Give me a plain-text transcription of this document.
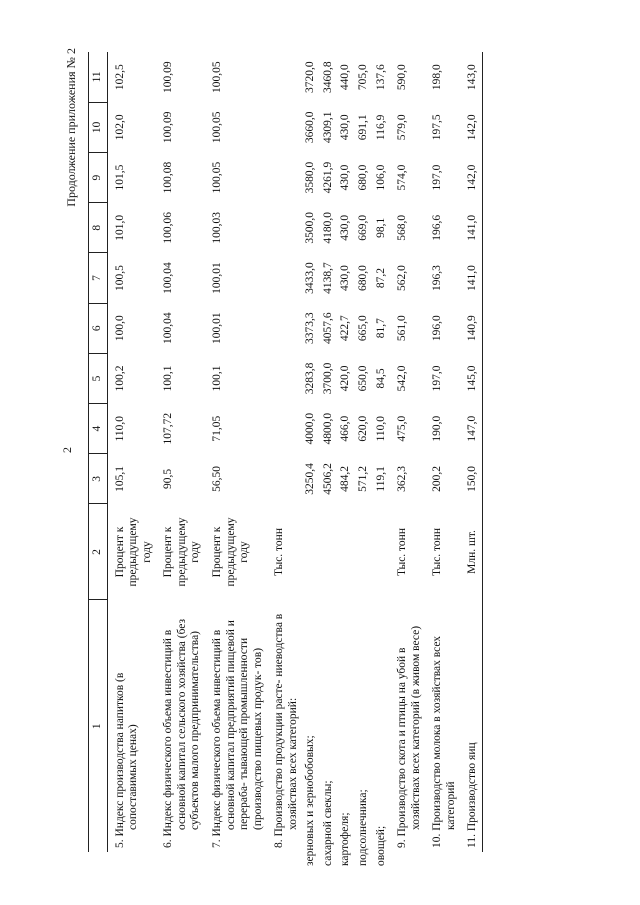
2
Продолжение приложения № 2
1	2	3	4	5	6	7	8	9	10	11
5. Индекс производства напитков (в сопоставимых ценах)	Процент к предыдущему году	105,1	110,0	100,2	100,0	100,5	101,0	101,5	102,0	102,5
6. Индекс физического объема инвестиций в основной капитал сельского хозяйства (без субъектов малого предпринимательства)	Процент к предыдущему году	90,5	107,72	100,1	100,04	100,04	100,06	100,08	100,09	100,09
7. Индекс физического объема инвестиций в основной капитал предприятий пищевой и перераба- тывающей промышленности (производство пищевых продук- тов)	Процент к предыдущему году	56,50	71,05	100,1	100,01	100,01	100,03	100,05	100,05	100,05
8. Производство продукции расте- ниеводства в хозяйствах всех категорий:	Тыс. тонн									
зерновых и зернобобовых;		3250,4	4000,0	3283,8	3373,3	3433,0	3500,0	3580,0	3660,0	3720,0
сахарной свеклы;		4506,2	4800,0	3700,0	4057,6	4138,7	4180,0	4261,9	4309,1	3460,8
картофеля;		484,2	466,0	420,0	422,7	430,0	430,0	430,0	430,0	440,0
подсолнечника;		571,2	620,0	650,0	665,0	680,0	669,0	680,0	691,1	705,0
овощей;		119,1	110,0	84,5	81,7	87,2	98,1	106,0	116,9	137,6
9. Производство скота и птицы на убой в хозяйствах всех категорий (в живом весе)	Тыс. тонн	362,3	475,0	542,0	561,0	562,0	568,0	574,0	579,0	590,0
10. Производство молока в хозяйствах всех категорий	Тыс. тонн	200,2	190,0	197,0	196,0	196,3	196,6	197,0	197,5	198,0
11. Производство яиц	Млн. шт.	150,0	147,0	145,0	140,9	141,0	141,0	142,0	142,0	143,0
